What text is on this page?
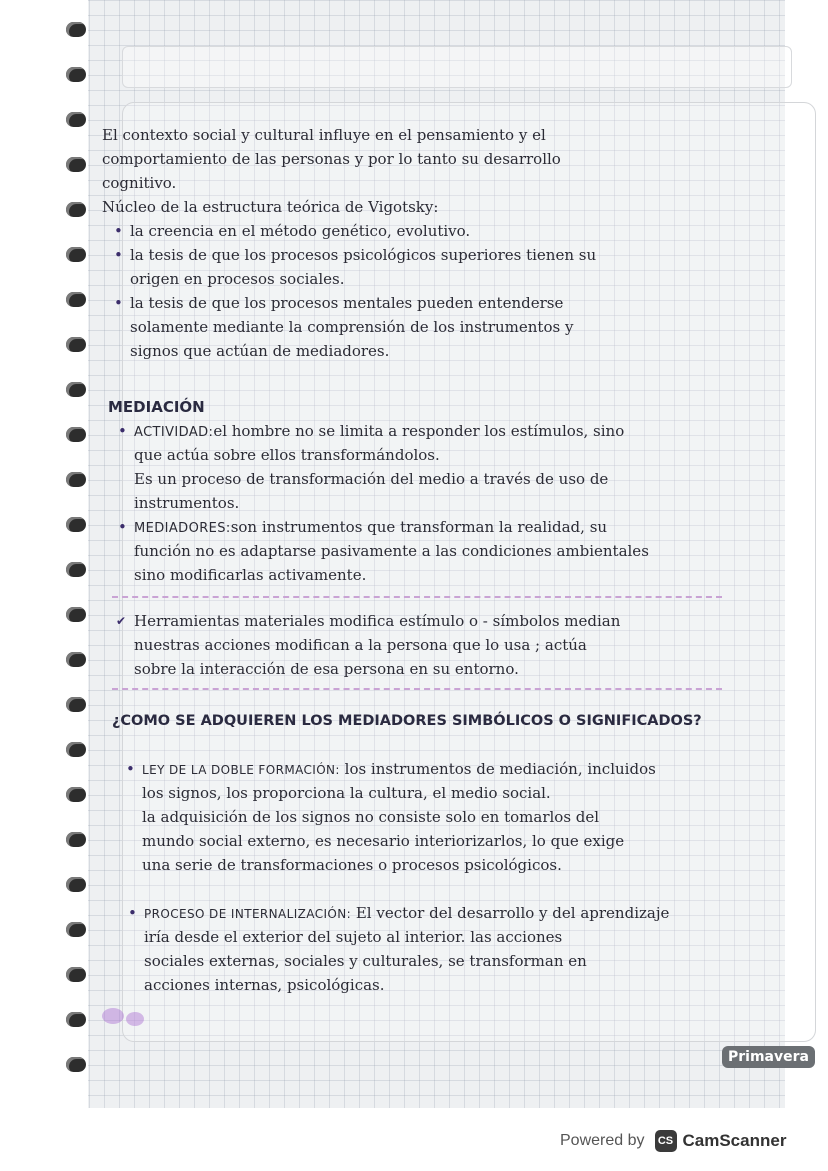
Primavera

El contexto social y cultural influye en el pensamiento y el

comportamiento de las personas y por lo tanto su desarrollo

cognitivo.

Núcleo de la estructura teórica de Vigotsky:

• la creencia en el método genético, evolutivo.

• la tesis de que los procesos psicológicos superiores tienen su

origen en procesos sociales.

• la tesis de que los procesos mentales pueden entenderse

solamente mediante la comprensión de los instrumentos y

signos que actúan de mediadores.

MEDIACIÓN

• ACTIVIDAD:el hombre no se limita a responder los estímulos, sino

que actúa sobre ellos transformándolos.

Es un proceso de transformación del medio a través de uso de

instrumentos.

• MEDIADORES:son instrumentos que transforman la realidad, su

función no es adaptarse pasivamente a las condiciones ambientales

sino modificarlas activamente.

✔ Herramientas materiales modifica estímulo o - símbolos median

nuestras acciones modifican a la persona que lo usa ; actúa

sobre la interacción de esa persona en su entorno.

¿COMO SE ADQUIEREN LOS MEDIADORES SIMBÓLICOS O SIGNIFICADOS?

• LEY DE LA DOBLE FORMACIÓN: los instrumentos de mediación, incluidos

los signos, los proporciona la cultura, el medio social.

la adquisición de los signos no consiste solo en tomarlos del

mundo social externo, es necesario interiorizarlos, lo que exige

una serie de transformaciones o procesos psicológicos.

• PROCESO DE INTERNALIZACIÓN: El vector del desarrollo y del aprendizaje

iría desde el exterior del sujeto al interior. las acciones

sociales externas, sociales y culturales, se transforman en

acciones internas, psicológicas.

Powered by	CS CamScanner
